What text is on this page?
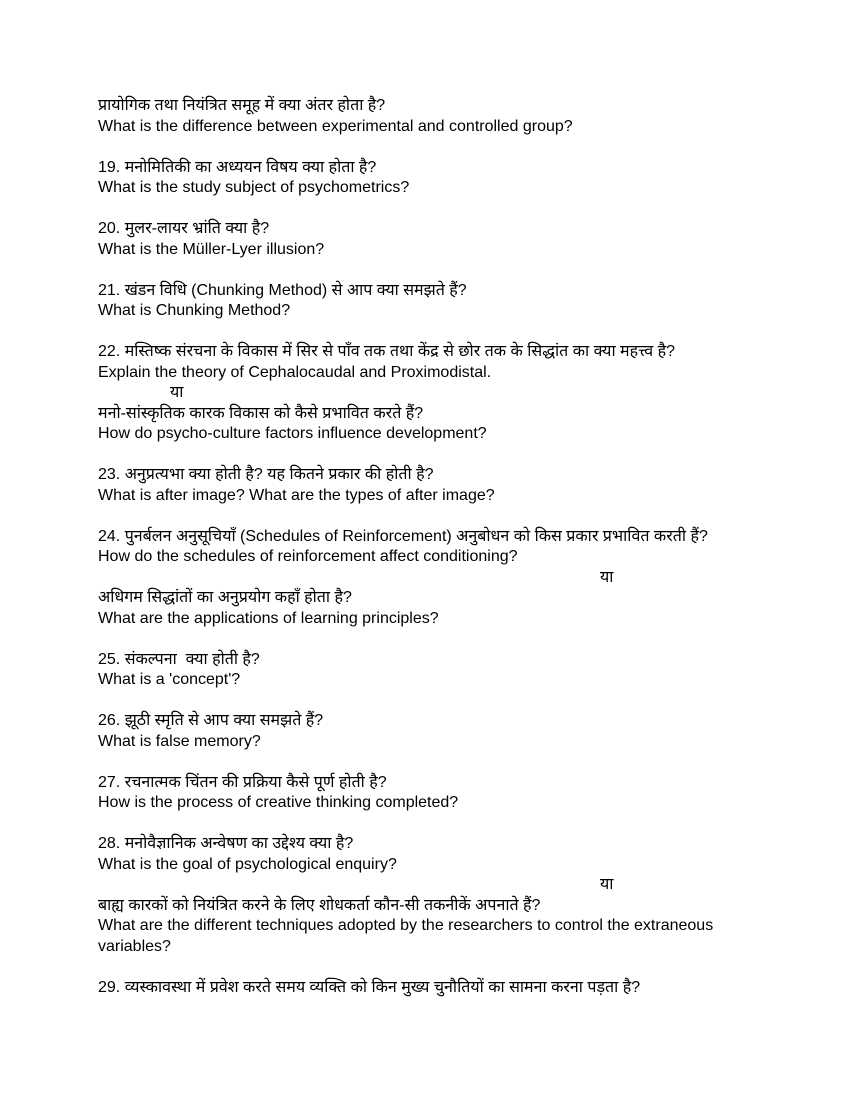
प्रायोगिक तथा नियंत्रित समूह में क्या अंतर होता है?

What is the difference between experimental and controlled group?

19. मनोमितिकी का अध्ययन विषय क्या होता है?

What is the study subject of psychometrics?

20. मुलर-लायर भ्रांति क्या है?

What is the Müller-Lyer illusion?

21. खंडन विधि (Chunking Method) से आप क्या समझते हैं?

What is Chunking Method?

22. मस्तिष्क संरचना के विकास में सिर से पाँव तक तथा केंद्र से छोर तक के सिद्धांत का क्या महत्त्व है?

Explain the theory of Cephalocaudal and Proximodistal.

या

मनो-सांस्कृतिक कारक विकास को कैसे प्रभावित करते हैं?

How do psycho-culture factors influence development?

23. अनुप्रत्यभा क्या होती है? यह कितने प्रकार की होती है?

What is after image? What are the types of after image?

24. पुनर्बलन अनुसूचियाँ (Schedules of Reinforcement) अनुबोधन को किस प्रकार प्रभावित करती हैं?

How do the schedules of reinforcement affect conditioning?

या

अधिगम सिद्धांतों का अनुप्रयोग कहाँ होता है?

What are the applications of learning principles?

25. संकल्पना  क्या होती है?

What is a 'concept'?

26. झूठी स्मृति से आप क्या समझते हैं?

What is false memory?

27. रचनात्मक चिंतन की प्रक्रिया कैसे पूर्ण होती है?

How is the process of creative thinking completed?

28. मनोवैज्ञानिक अन्वेषण का उद्देश्य क्या है?

What is the goal of psychological enquiry?

या

बाह्य कारकों को नियंत्रित करने के लिए शोधकर्ता कौन-सी तकनीकें अपनाते हैं?

What are the different techniques adopted by the researchers to control the extraneous variables?

29. व्यस्कावस्था में प्रवेश करते समय व्यक्ति को किन मुख्य चुनौतियों का सामना करना पड़ता है?
